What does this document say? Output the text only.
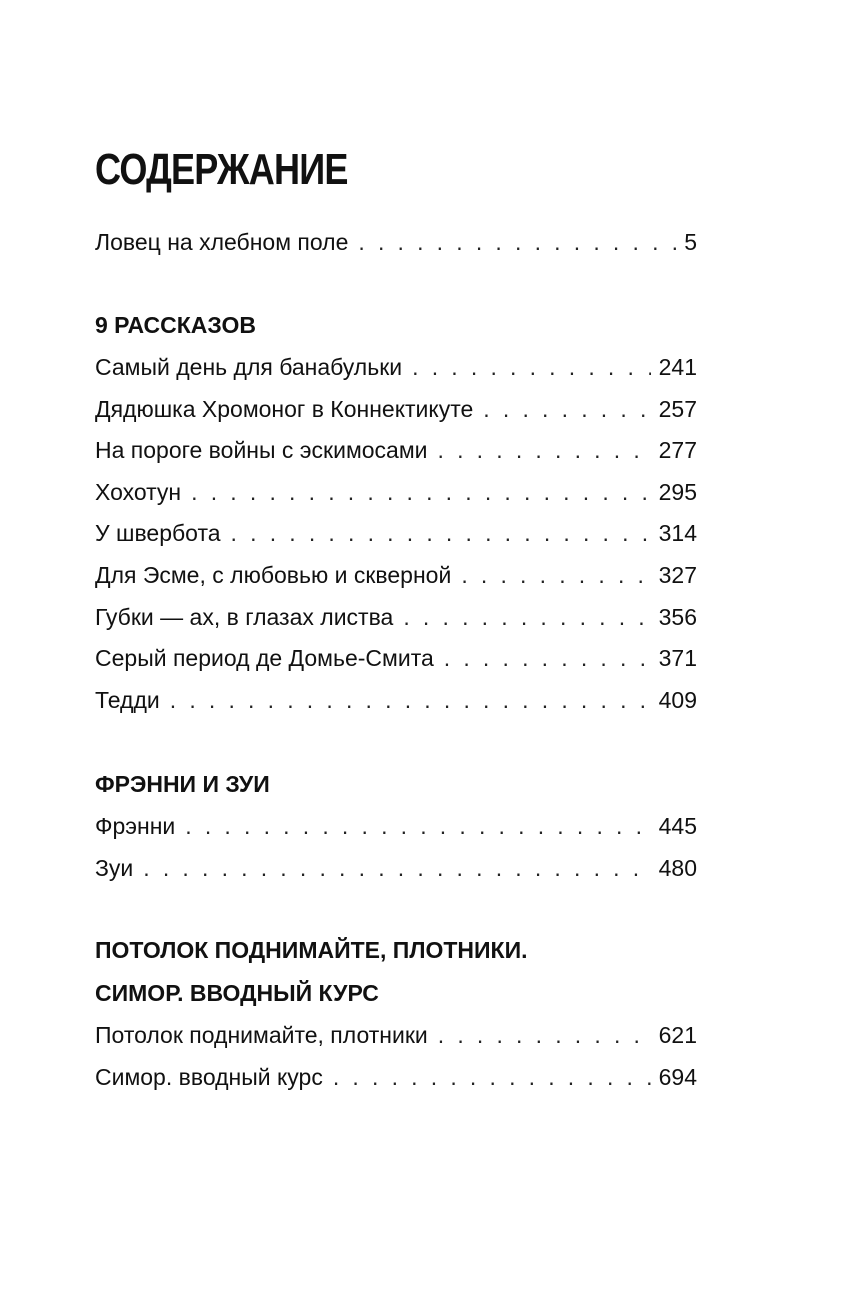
СОДЕРЖАНИЕ
Ловец на хлебном поле . . .	5
9 РАССКАЗОВ
Самый день для банабульки . . .	241
Дядюшка Хромоног в Коннектикуте . . .	257
На пороге войны с эскимосами . . .	277
Хохотун . . .	295
У швербота . . .	314
Для Эсме, с любовью и скверной . . .	327
Губки — ах, в глазах листва . . .	356
Серый период де Домье-Смита . . .	371
Тедди . . .	409
ФРЭННИ И ЗУИ
Фрэнни . . .	445
Зуи . . .	480
ПОТОЛОК ПОДНИМАЙТЕ, ПЛОТНИКИ.
СИМОР. ВВОДНЫЙ КУРС
Потолок поднимайте, плотники . . .	621
Симор. вводный курс . . .	694
